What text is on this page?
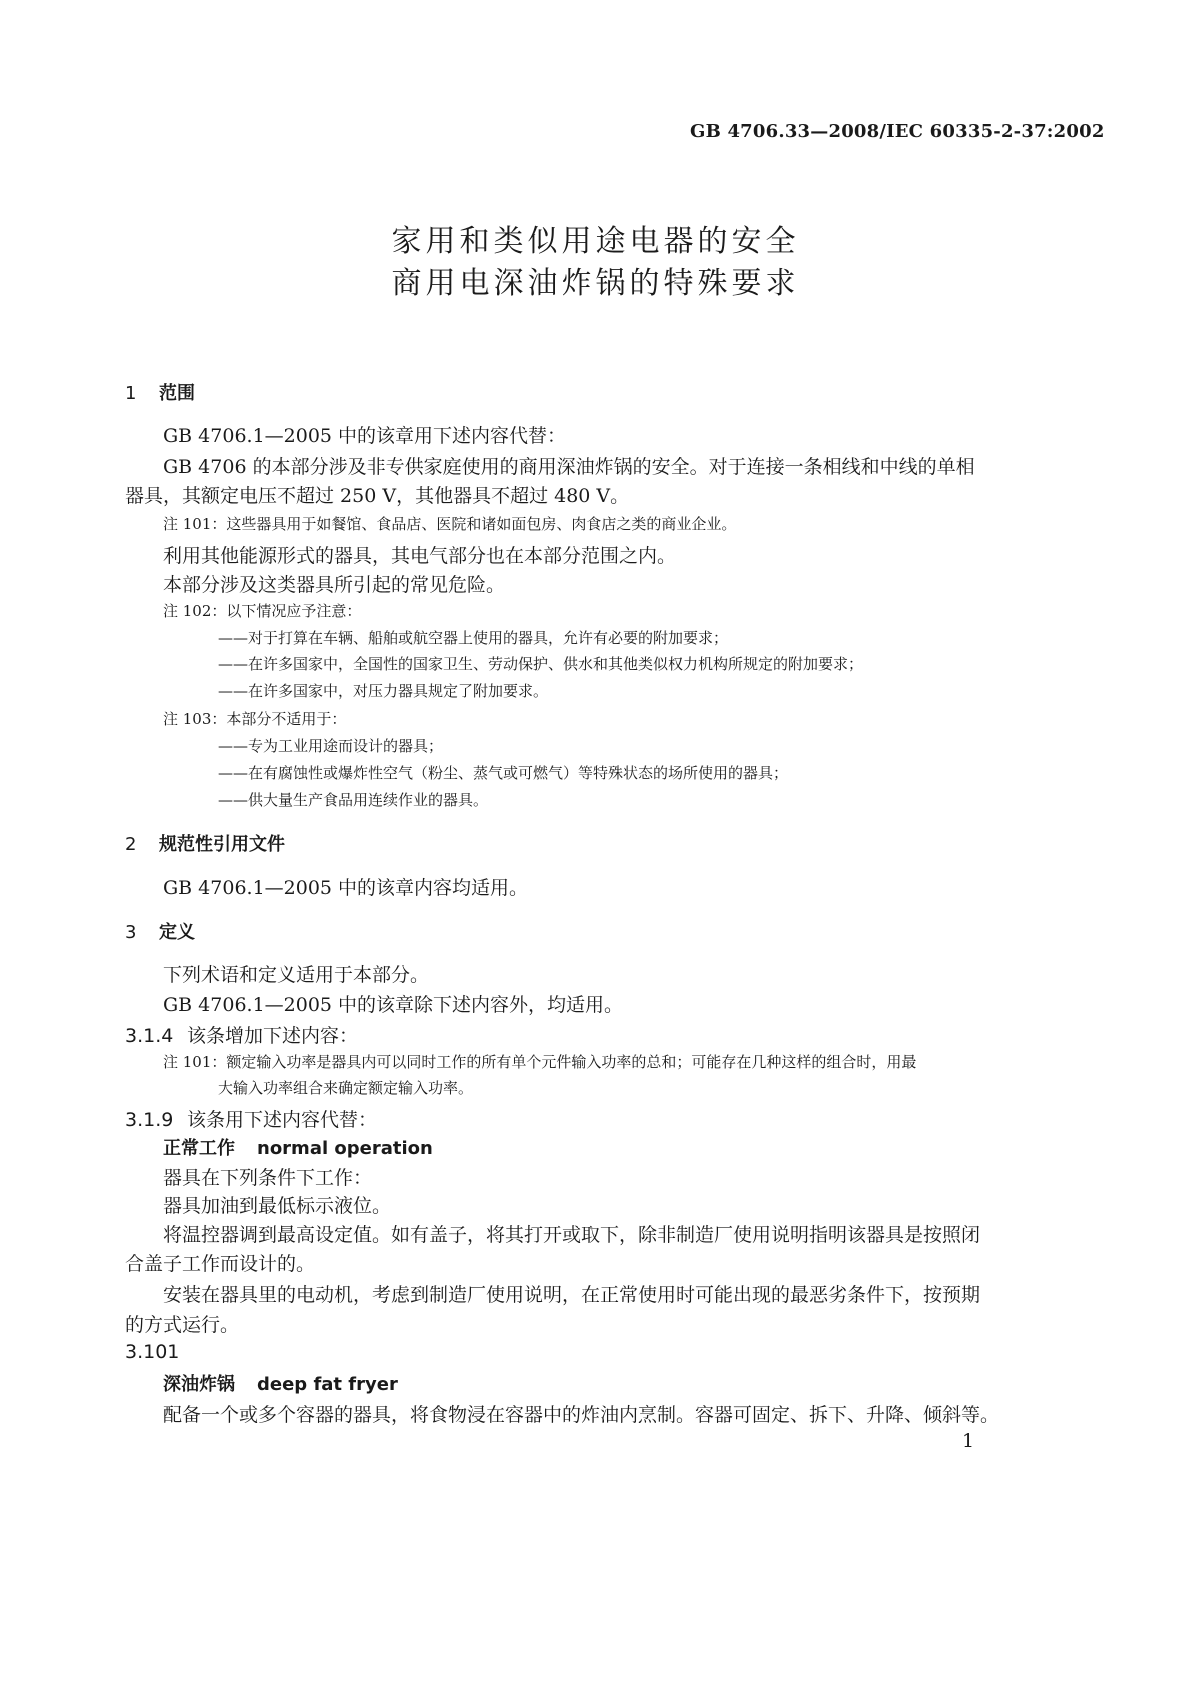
GB 4706.33—2008/IEC 60335-2-37:2002
家用和类似用途电器的安全
商用电深油炸锅的特殊要求
1 范围
GB 4706.1—2005 中的该章用下述内容代替：
GB 4706 的本部分涉及非专供家庭使用的商用深油炸锅的安全。对于连接一条相线和中线的单相
器具，其额定电压不超过 250 V，其他器具不超过 480 V。
注 101：这些器具用于如餐馆、食品店、医院和诸如面包房、肉食店之类的商业企业。
利用其他能源形式的器具，其电气部分也在本部分范围之内。
本部分涉及这类器具所引起的常见危险。
注 102：以下情况应予注意：
——对于打算在车辆、船舶或航空器上使用的器具，允许有必要的附加要求；
——在许多国家中，全国性的国家卫生、劳动保护、供水和其他类似权力机构所规定的附加要求；
——在许多国家中，对压力器具规定了附加要求。
注 103：本部分不适用于：
——专为工业用途而设计的器具；
——在有腐蚀性或爆炸性空气（粉尘、蒸气或可燃气）等特殊状态的场所使用的器具；
——供大量生产食品用连续作业的器具。
2 规范性引用文件
GB 4706.1—2005 中的该章内容均适用。
3 定义
下列术语和定义适用于本部分。
GB 4706.1—2005 中的该章除下述内容外，均适用。
3.1.4 该条增加下述内容：
注 101：额定输入功率是器具内可以同时工作的所有单个元件输入功率的总和；可能存在几种这样的组合时，用最
大输入功率组合来确定额定输入功率。
3.1.9 该条用下述内容代替：
正常工作 normal operation
器具在下列条件下工作：
器具加油到最低标示液位。
将温控器调到最高设定值。如有盖子，将其打开或取下，除非制造厂使用说明指明该器具是按照闭
合盖子工作而设计的。
安装在器具里的电动机，考虑到制造厂使用说明，在正常使用时可能出现的最恶劣条件下，按预期
的方式运行。
3.101
深油炸锅 deep fat fryer
配备一个或多个容器的器具，将食物浸在容器中的炸油内烹制。容器可固定、拆下、升降、倾斜等。
1
